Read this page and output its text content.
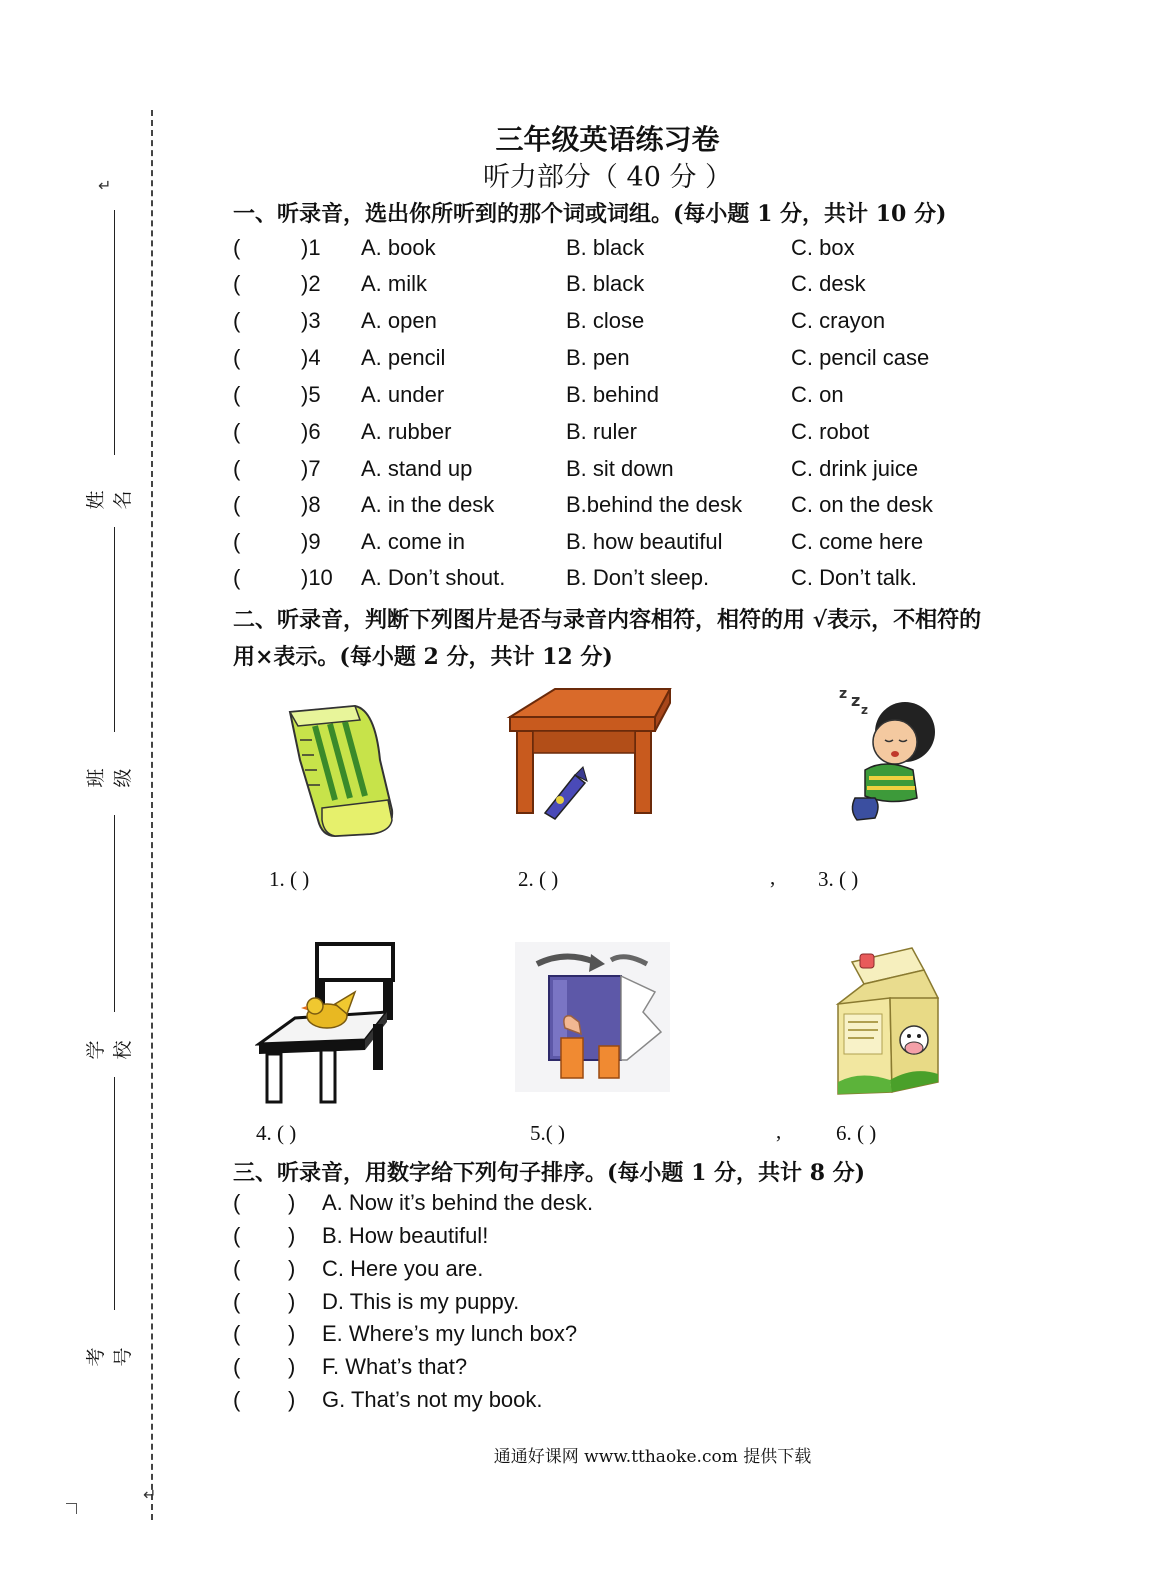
↵
姓名
班级
学校
考号
↵
三年级英语练习卷
听力部分（ 40 分 ）
一、听录音，选出你所听到的那个词或词组。(每小题 1 分，共计 10 分)
(	)1 A. book	B. black	C. box
(	)2 A. milk	B. black	C. desk
(	)3 A. open	B. close	C. crayon
(	)4 A. pencil	B. pen	C. pencil case
(	)5 A. under	B. behind	C. on
(	)6 A. rubber	B. ruler	C. robot
(	)7 A. stand up	B. sit down	C. drink juice
(	)8 A. in the desk	B.behind the desk C. on the desk
(	)9 A. come in	B. how beautiful	C. come here
(	)10 A. Don’t shout.	B. Don’t sleep.	C. Don’t talk.
二、听录音，判断下列图片是否与录音内容相符，相符的用 √表示，不相符的
用×表示。(每小题 2 分，共计 12 分)
1. ( )	2. ( )	,
z z z
3. ( )
4. ( )	5.( )	,	6. ( )
三、听录音，用数字给下列句子排序。(每小题 1 分，共计 8 分)
( ) A. Now it’s behind the desk.
( ) B. How beautiful!
( ) C. Here you are.
( ) D. This is my puppy.
( ) E. Where’s my lunch box?
( ) F. What’s that?
( ) G. That’s not my book.
通通好课网 www.tthaoke.com 提供下载
